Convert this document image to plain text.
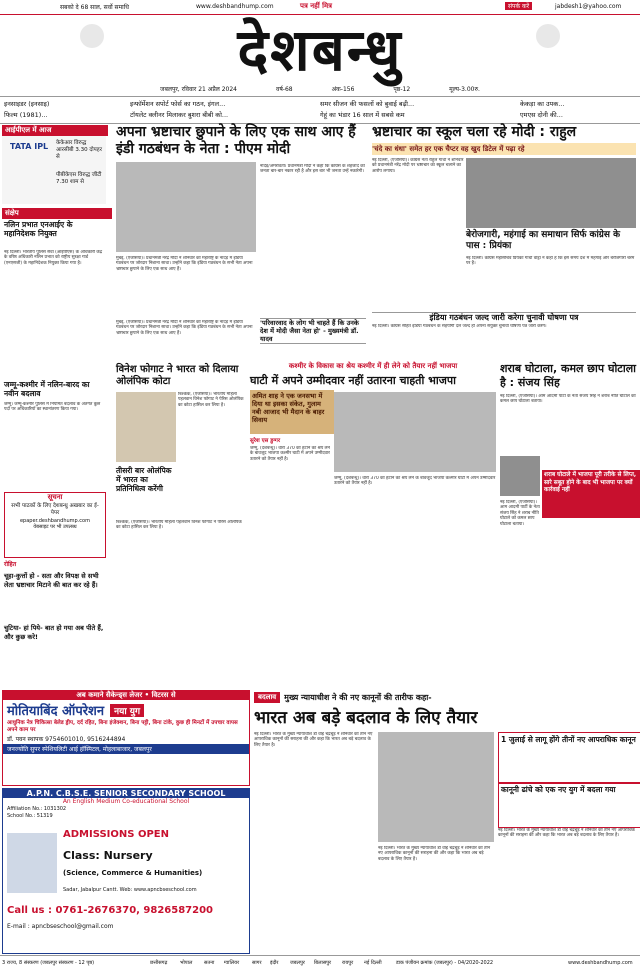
सबको दे 68 साल, सर्वो समाधि	www.deshbandhump.com	पत्र नहीं मित्र	संपर्क करें	jabdesh1@yahoo.com
देशबन्धु
जबलपुर, रविवार 21 अप्रैल 2024	वर्ष-68	अंक-156	पृष्ठ-12	मूल्य-3.00रु.
इनसाइडर (इनसाइ)
फिल्म (1981)...
इन्फॉर्मेशन सपोर्ट फोर्स का गठन, इंगल...
टॉयलेट क्लीनर मिलाकर बुशरा बीबी को...
समर सीजन की फसलों को बुवाई बढ़ी...
गेहूं का भंडार 16 साल में सबसे कम
केकड़ा का उपक...
एमएस दोनी की...
आईपीएल में आज
TATA IPL	केकेआर विरुद्ध आरसीबी 3.30 दोपहर से
पीबीकेएस विरुद्ध जीटी 7.30 शाम से
संक्षेप
नलिन प्रभात एनआईए के महानिदेशक नियुक्त
नई दिल्ली। भारतीय पुलिस सेवा (आईपीएस) के अधिकारी केंद्र के वरिष्ठ अधिकारी नलिन प्रभात को राष्ट्रीय सुरक्षा गार्ड (एनएसजी) के महानिदेशक नियुक्त किया गया है।
जम्मू-कश्मीर में नलिन-बारद का नवीन बदलाव
जम्मू। जम्मू-कश्मीर पुलिस में नियमित बदलाव के अंतर्गत कुछ पदों पर अधिकारियों का स्थानांतरण किया गया।
सूचना
सभी पाठकों के लिए देशबन्धु अखबार का ई-पेपर
epaper.deshbandhump.com
वेबसाइट पर भी उपलब्ध
रोहित
चूहा-कुत्तों हो - सता और विपक्ष से सभी लेता भ्रष्टाचार मिटाने की बात कर रहे हैं।
चुटिया- हां पिये- बात हो गया अब पीते हैं, और कुछ करे!
अपना भ्रष्टाचार छुपाने के लिए एक साथ आए हैं इंडी गठबंधन के नेता : पीएम मोदी
मुंबई, (एजेंसियां)। प्रधानमंत्री नरेंद्र मोदी ने शनिवार को महाराष्ट्र के नांदेड़ में इंडिया गठबंधन पर जोरदार निशाना साधा। उन्होंने कहा कि इंडिया गठबंधन के सभी नेता अपना भ्रष्टाचार छुपाने के लिए एक साथ आए हैं।
नांदेड़/अमरावती। प्रधानमंत्री मोदी ने कहा कि कांग्रेस के शहजादे को जनता बार-बार नकार रही है और इस बार भी जनता उन्हें नकारेगी।
'परिवारवाद के लोग भी चाहते हैं कि उनके देश में मोदी जैसा नेता हो' - मुख्यमंत्री डॉ. यादव
मुंबई, (एजेंसियां)। प्रधानमंत्री नरेंद्र मोदी ने शनिवार को महाराष्ट्र के नांदेड़ में इंडिया गठबंधन पर जोरदार निशाना साधा। उन्होंने कहा कि इंडिया गठबंधन के सभी नेता अपना भ्रष्टाचार छुपाने के लिए एक साथ आए हैं।
भ्रष्टाचार का स्कूल चला रहे मोदी : राहुल
'चंदे का धंधा' समेत हर एक चैप्टर वह खुद डिटेल में पढ़ा रहे
नई दिल्ली, (एजेंसियां)। कांग्रेस नेता राहुल गांधी ने शनिवार को प्रधानमंत्री नरेंद्र मोदी पर भ्रष्टाचार का स्कूल चलाने का आरोप लगाया।
बेरोजगारी, महंगाई का समाधान सिर्फ कांग्रेस के पास : प्रियंका
नई दिल्ली। कांग्रेस महासचिव प्रियंका गांधी वाड्रा ने कहा है कि इस समय देश में महंगाई और बेरोजगारी चरम पर है।
इंडिया गठबंधन जल्द जारी करेगा चुनावी घोषणा पत्र
नई दिल्ली। कांग्रेस सहित इंडिया गठबंधन के सहयोगी दल जल्द ही अपना संयुक्त चुनावी घोषणा पत्र जारी करेंगे।
विनेश फोगाट ने भारत को दिलाया ओलंपिक कोटा
बिश्केक, (एजेंसियां)। भारतीय महिला पहलवान विनेश फोगाट ने पेरिस ओलंपिक का कोटा हासिल कर लिया है।
तीसरी बार ओलंपिक में भारत का प्रतिनिधित्व करेंगी
बिश्केक, (एजेंसियां)। भारतीय महिला पहलवान विनेश फोगाट ने पेरिस ओलंपिक का कोटा हासिल कर लिया है।
कश्मीर के विकास का श्रेय कश्मीर में ही लेने को तैयार नहीं भाजपा
घाटी में अपने उम्मीदवार नहीं उतारना चाहती भाजपा
अमित शाह ने एक जनसभा में दिया था इसका संकेत, गुलाम नबी आजाद भी मैदान के बाहर सिवाय
सुरेश एस डुग्गर
जम्मू, (देशबन्धु)। धारा 370 को हटाने का श्रेय लेने के बावजूद भाजपा कश्मीर घाटी में अपने उम्मीदवार उतारने को तैयार नहीं है।
जम्मू, (देशबन्धु)। धारा 370 को हटाने का श्रेय लेने के बावजूद भाजपा कश्मीर घाटी में अपने उम्मीदवार उतारने को तैयार नहीं है।
शराब घोटाला, कमल छाप घोटाला है : संजय सिंह
नई दिल्ली, (एजेंसियां)। आम आदमी पार्टी के नेता संजय सिंह ने शराब नीति घोटाले को कमल छाप घोटाला बताया।
शराब घोटाले में भाजपा पूरी तरीके से लिप्त, सारे सबूत होने के बाद भी भाजपा पर क्यों कार्रवाई नहीं
नई दिल्ली, (एजेंसियां)। आम आदमी पार्टी के नेता संजय सिंह ने शराब नीति घोटाले को कमल छाप घोटाला बताया।
अब कमाने सैकेन्ड्स लेजर • विटरस से
मोतियाबिंद ऑपरेशन	नया युग
आधुनिक नेत्र चिकित्सा बेलेड ड्रीप, दर्द रहित, बिना इंजेक्शन, बिना पट्टी, बिना टांके, कुछ ही मिनटों में उपचार वापस अपने काम पर
डॉ. पवन स्थापक 9754601010, 9516244894
जनज्योति सुपर स्पेशियलिटी आई हॉस्पिटल, मोहलाबाजार, जबलपुर
A.P.N. C.B.S.E. SENIOR SECONDARY SCHOOL
An English Medium Co-educational School
Affiliation No.: 1031302
School No.: 51319
ADMISSIONS OPEN
Class: Nursery
(Science, Commerce & Humanities)
Sadar, Jabalpur Cantt. Web: www.apncbseschool.com
Call us : 0761-2676370, 9826587200
E-mail : apncbseschool@gmail.com
बदलाव	मुख्य न्यायाधीश ने की नए कानूनों की तारीफ कहा-
भारत अब बड़े बदलाव के लिए तैयार
नई दिल्ली। भारत के मुख्य न्यायाधीश डी वाई चंद्रचूड़ ने शनिवार को तीन नए आपराधिक कानूनों की सराहना की और कहा कि भारत अब बड़े बदलाव के लिए तैयार है।
नई दिल्ली। भारत के मुख्य न्यायाधीश डी वाई चंद्रचूड़ ने शनिवार को तीन नए आपराधिक कानूनों की सराहना की और कहा कि भारत अब बड़े बदलाव के लिए तैयार है।
1 जुलाई से लागू होंगे तीनों नए आपराधिक कानून
कानूनी ढांचे को एक नए युग में बदला गया
नई दिल्ली। भारत के मुख्य न्यायाधीश डी वाई चंद्रचूड़ ने शनिवार को तीन नए आपराधिक कानूनों की सराहना की और कहा कि भारत अब बड़े बदलाव के लिए तैयार है।
3 राज्य, 8 संस्करण (जबलपुर संस्करण - 12 पृष्ठ)	छत्तीसगढ़	भोपाल सतना ग्वालियर	सागर इंदौर जबलपुर बिलासपुर रायपुर नई दिल्ली	डाक पंजीयन क्रमांक (जबलपुर) - 04/2020-2022	www.deshbandhump.com
